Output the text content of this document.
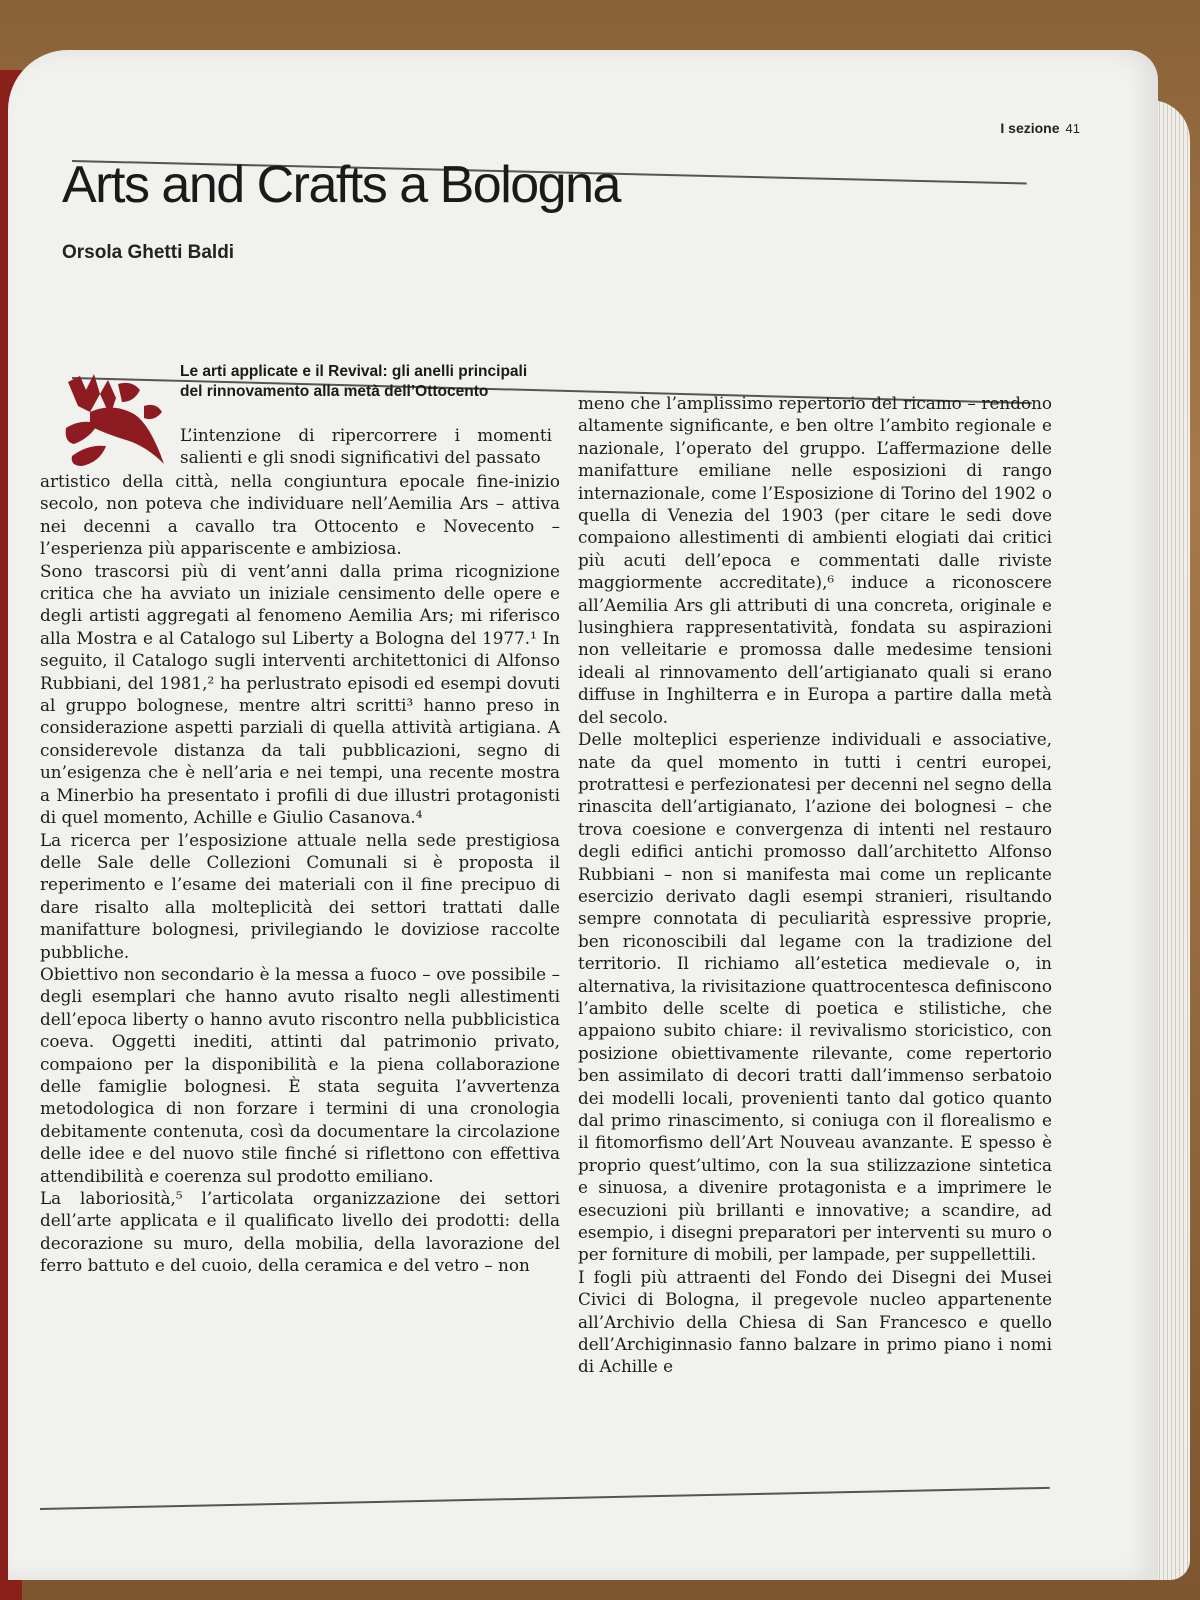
I sezione 41
Arts and Crafts a Bologna
Orsola Ghetti Baldi
Le arti applicate e il Revival: gli anelli principali del rinnovamento alla metà dell’Ottocento

L’intenzione di ripercorrere i momenti salienti e gli snodi significativi del passato

artistico della città, nella congiuntura epocale fine-inizio secolo, non poteva che individuare nell’Aemilia Ars – attiva nei decenni a cavallo tra Ottocento e Novecento – l’esperienza più appariscente e ambiziosa.

Sono trascorsi più di vent’anni dalla prima ricognizione critica che ha avviato un iniziale censimento delle opere e degli artisti aggregati al fenomeno Aemilia Ars; mi riferisco alla Mostra e al Catalogo sul Liberty a Bologna del 1977.¹ In seguito, il Catalogo sugli interventi architettonici di Alfonso Rubbiani, del 1981,² ha perlustrato episodi ed esempi dovuti al gruppo bolognese, mentre altri scritti³ hanno preso in considerazione aspetti parziali di quella attività artigiana. A considerevole distanza da tali pubblicazioni, segno di un’esigenza che è nell’aria e nei tempi, una recente mostra a Minerbio ha presentato i profili di due illustri protagonisti di quel momento, Achille e Giulio Casanova.⁴

La ricerca per l’esposizione attuale nella sede prestigiosa delle Sale delle Collezioni Comunali si è proposta il reperimento e l’esame dei materiali con il fine precipuo di dare risalto alla molteplicità dei settori trattati dalle manifatture bolognesi, privilegiando le doviziose raccolte pubbliche.

Obiettivo non secondario è la messa a fuoco – ove possibile – degli esemplari che hanno avuto risalto negli allestimenti dell’epoca liberty o hanno avuto riscontro nella pubblicistica coeva. Oggetti inediti, attinti dal patrimonio privato, compaiono per la disponibilità e la piena collaborazione delle famiglie bolognesi. È stata seguita l’avvertenza metodologica di non forzare i termini di una cronologia debitamente contenuta, così da documentare la circolazione delle idee e del nuovo stile finché si riflettono con effettiva attendibilità e coerenza sul prodotto emiliano.

La laboriosità,⁵ l’articolata organizzazione dei settori dell’arte applicata e il qualificato livello dei prodotti: della decorazione su muro, della mobilia, della lavorazione del ferro battuto e del cuoio, della ceramica e del vetro – non

meno che l’amplissimo repertorio del ricamo – rendono altamente significante, e ben oltre l’ambito regionale e nazionale, l’operato del gruppo. L’affermazione delle manifatture emiliane nelle esposizioni di rango internazionale, come l’Esposizione di Torino del 1902 o quella di Venezia del 1903 (per citare le sedi dove compaiono allestimenti di ambienti elogiati dai critici più acuti dell’epoca e commentati dalle riviste maggiormente accreditate),⁶ induce a riconoscere all’Aemilia Ars gli attributi di una concreta, originale e lusinghiera rappresentatività, fondata su aspirazioni non velleitarie e promossa dalle medesime tensioni ideali al rinnovamento dell’artigianato quali si erano diffuse in Inghilterra e in Europa a partire dalla metà del secolo.

Delle molteplici esperienze individuali e associative, nate da quel momento in tutti i centri europei, protrattesi e perfezionatesi per decenni nel segno della rinascita dell’artigianato, l’azione dei bolognesi – che trova coesione e convergenza di intenti nel restauro degli edifici antichi promosso dall’architetto Alfonso Rubbiani – non si manifesta mai come un replicante esercizio derivato dagli esempi stranieri, risultando sempre connotata di peculiarità espressive proprie, ben riconoscibili dal legame con la tradizione del territorio. Il richiamo all’estetica medievale o, in alternativa, la rivisitazione quattrocentesca definiscono l’ambito delle scelte di poetica e stilistiche, che appaiono subito chiare: il revivalismo storicistico, con posizione obiettivamente rilevante, come repertorio ben assimilato di decori tratti dall’immenso serbatoio dei modelli locali, provenienti tanto dal gotico quanto dal primo rinascimento, si coniuga con il florealismo e il fitomorfismo dell’Art Nouveau avanzante. E spesso è proprio quest’ultimo, con la sua stilizzazione sintetica e sinuosa, a divenire protagonista e a imprimere le esecuzioni più brillanti e innovative; a scandire, ad esempio, i disegni preparatori per interventi su muro o per forniture di mobili, per lampade, per suppellettili.

I fogli più attraenti del Fondo dei Disegni dei Musei Civici di Bologna, il pregevole nucleo appartenente all’Archivio della Chiesa di San Francesco e quello dell’Archiginnasio fanno balzare in primo piano i nomi di Achille e
